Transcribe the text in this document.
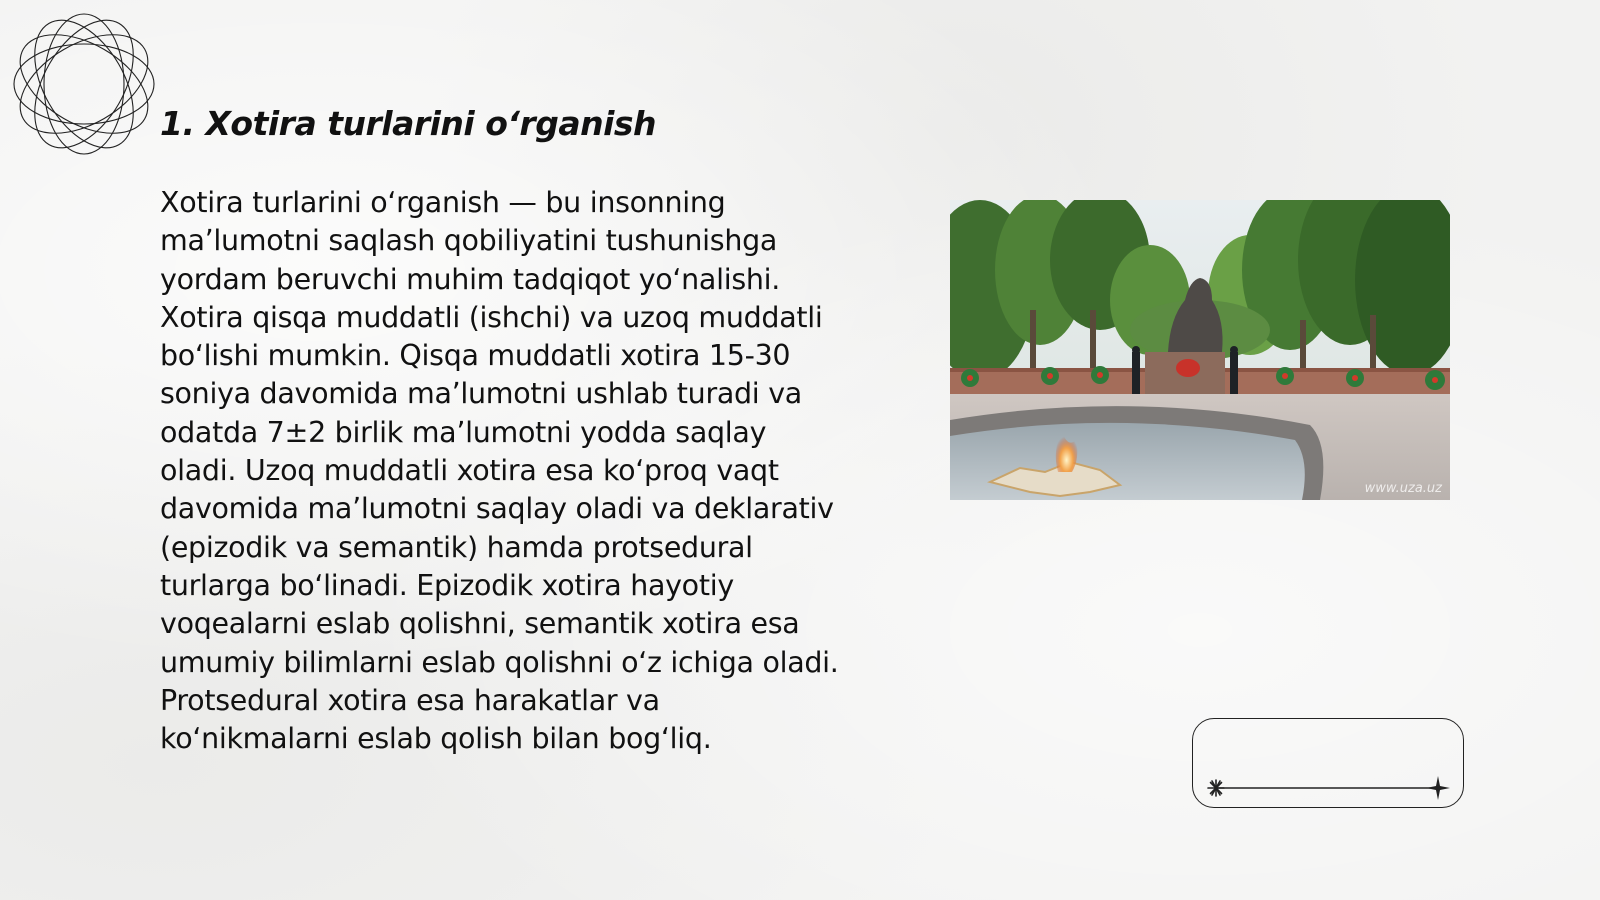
1. Xotira turlarini oʻrganish

Xotira turlarini oʻrganish — bu insonning maʼlumotni saqlash qobiliyatini tushunishga yordam beruvchi muhim tadqiqot yoʻnalishi. Xotira qisqa muddatli (ishchi) va uzoq muddatli boʻlishi mumkin. Qisqa muddatli xotira 15-30 soniya davomida maʼlumotni ushlab turadi va odatda 7±2 birlik maʼlumotni yodda saqlay oladi. Uzoq muddatli xotira esa koʻproq vaqt davomida maʼlumotni saqlay oladi va deklarativ (epizodik va semantik) hamda protsedural turlarga boʻlinadi. Epizodik xotira hayotiy voqealarni eslab qolishni, semantik xotira esa umumiy bilimlarni eslab qolishni oʻz ichiga oladi. Protsedural xotira esa harakatlar va koʻnikmalarni eslab qolish bilan bogʻliq.

www.uza.uz
